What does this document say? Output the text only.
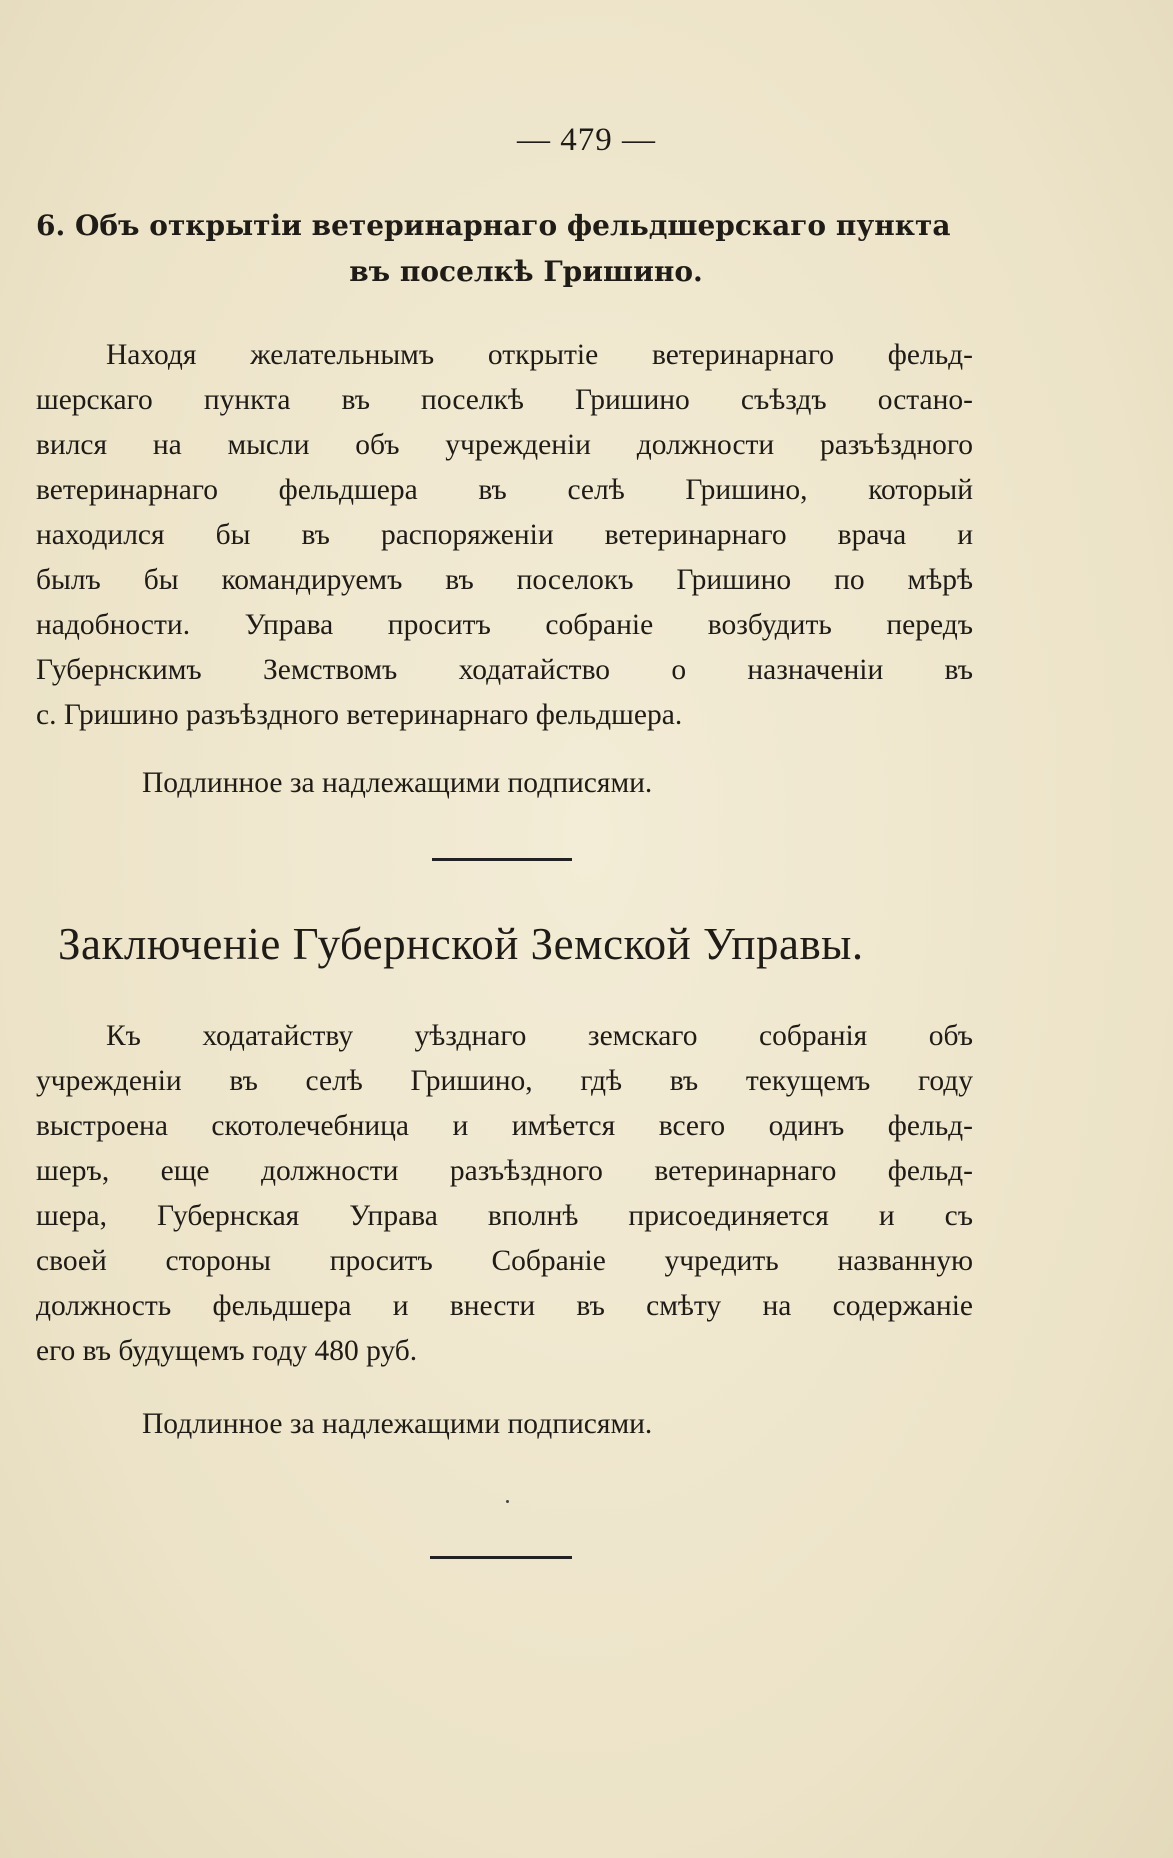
— 479 —
6. Объ открытіи ветеринарнаго фельдшерскаго пункта
въ поселкѣ Гришино.
Находя желательнымъ открытіе ветеринарнаго фельд-
шерскаго пункта въ поселкѣ Гришино съѣздъ остано-
вился на мысли объ учрежденіи должности разъѣздного
ветеринарнаго фельдшера въ селѣ Гришино, который
находился бы въ распоряженіи ветеринарнаго врача и
былъ бы командируемъ въ поселокъ Гришино по мѣрѣ
надобности. Управа проситъ собраніе возбудить передъ
Губернскимъ Земствомъ ходатайство о назначеніи въ
с. Гришино разъѣздного ветеринарнаго фельдшера.
Подлинное за надлежащими подписями.
Заключеніе Губернской Земской Управы.
Къ ходатайству уѣзднаго земскаго собранія объ
учрежденіи въ селѣ Гришино, гдѣ въ текущемъ году
выстроена скотолечебница и имѣется всего одинъ фельд-
шеръ, еще должности разъѣздного ветеринарнаго фельд-
шера, Губернская Управа вполнѣ присоединяется и съ
своей стороны проситъ Собраніе учредить названную
должность фельдшера и внести въ смѣту на содержаніе
его въ будущемъ году 480 руб.
Подлинное за надлежащими подписями.
